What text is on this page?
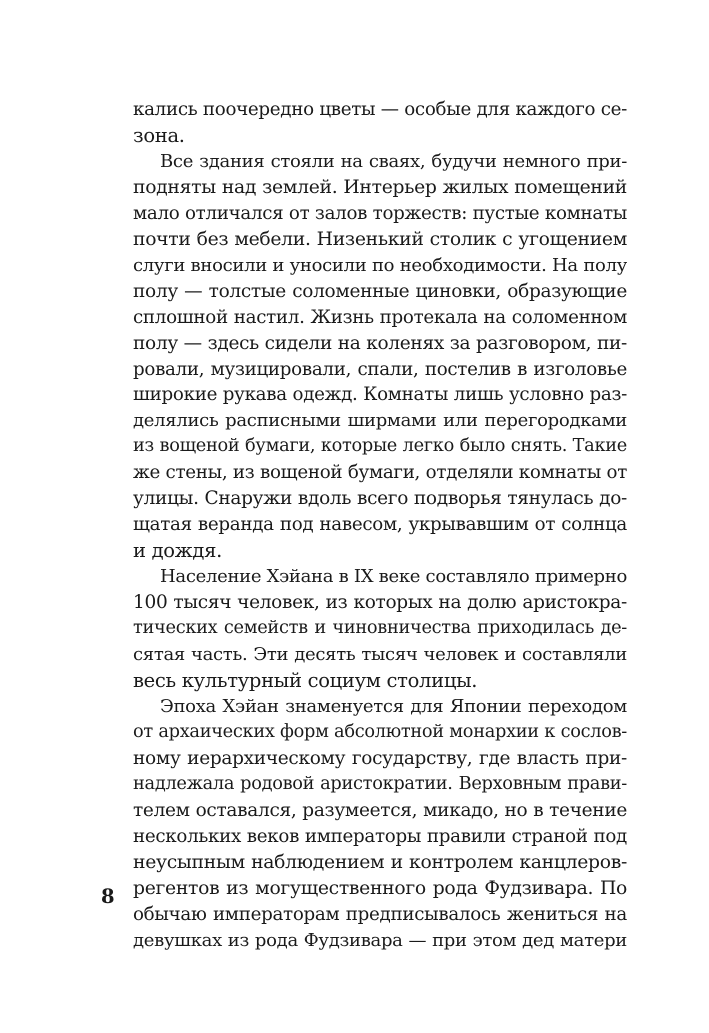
кались поочередно цветы — особые для каждого се-
зона.
Все здания стояли на сваях, будучи немного при-
подняты над землей. Интерьер жилых помещений
мало отличался от залов торжеств: пустые комнаты
почти без мебели. Низенький столик с угощением
слуги вносили и уносили по необходимости. На полу
полу — толстые соломенные циновки, образующие
сплошной настил. Жизнь протекала на соломенном
полу — здесь сидели на коленях за разговором, пи-
ровали, музицировали, спали, постелив в изголовье
широкие рукава одежд. Комнаты лишь условно раз-
делялись расписными ширмами или перегородками
из вощеной бумаги, которые легко было снять. Такие
же стены, из вощеной бумаги, отделяли комнаты от
улицы. Снаружи вдоль всего подворья тянулась до-
щатая веранда под навесом, укрывавшим от солнца
и дождя.
Население Хэйана в IX веке составляло примерно
100 тысяч человек, из которых на долю аристокра-
тических семейств и чиновничества приходилась де-
сятая часть. Эти десять тысяч человек и составляли
весь культурный социум столицы.
Эпоха Хэйан знаменуется для Японии переходом
от архаических форм абсолютной монархии к сослов-
ному иерархическому государству, где власть при-
надлежала родовой аристократии. Верховным прави-
телем оставался, разумеется, микадо, но в течение
нескольких веков императоры правили страной под
неусыпным наблюдением и контролем канцлеров-
регентов из могущественного рода Фудзивара. По
обычаю императорам предписывалось жениться на
девушках из рода Фудзивара — при этом дед матери
8
